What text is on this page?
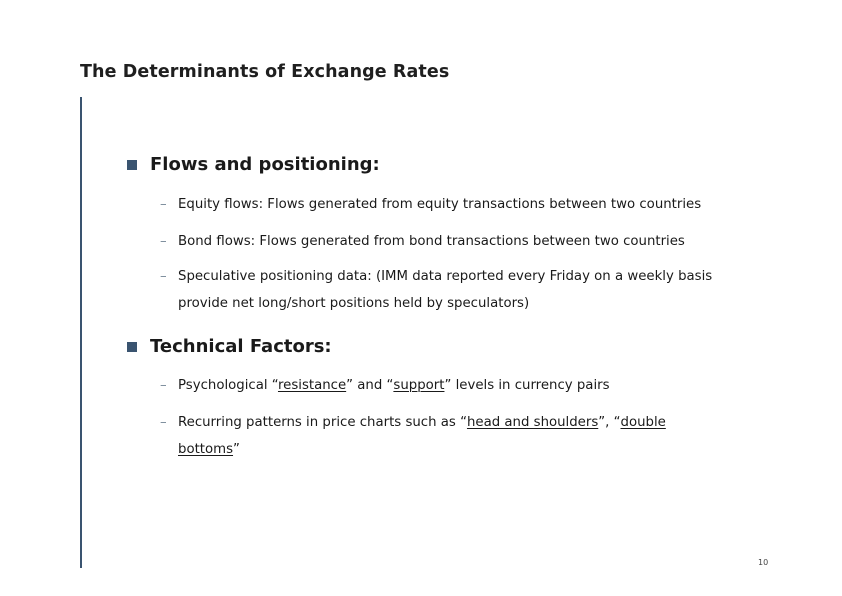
The Determinants of Exchange Rates
Flows and positioning:
– Equity flows: Flows generated from equity transactions between two countries
– Bond flows: Flows generated from bond transactions between two countries
– Speculative positioning data: (IMM data reported every Friday on a weekly basis
provide net long/short positions held by speculators)
Technical Factors:
– Psychological “resistance” and “support” levels in currency pairs
– Recurring patterns in price charts such as “head and shoulders”, “double
bottoms”
10
